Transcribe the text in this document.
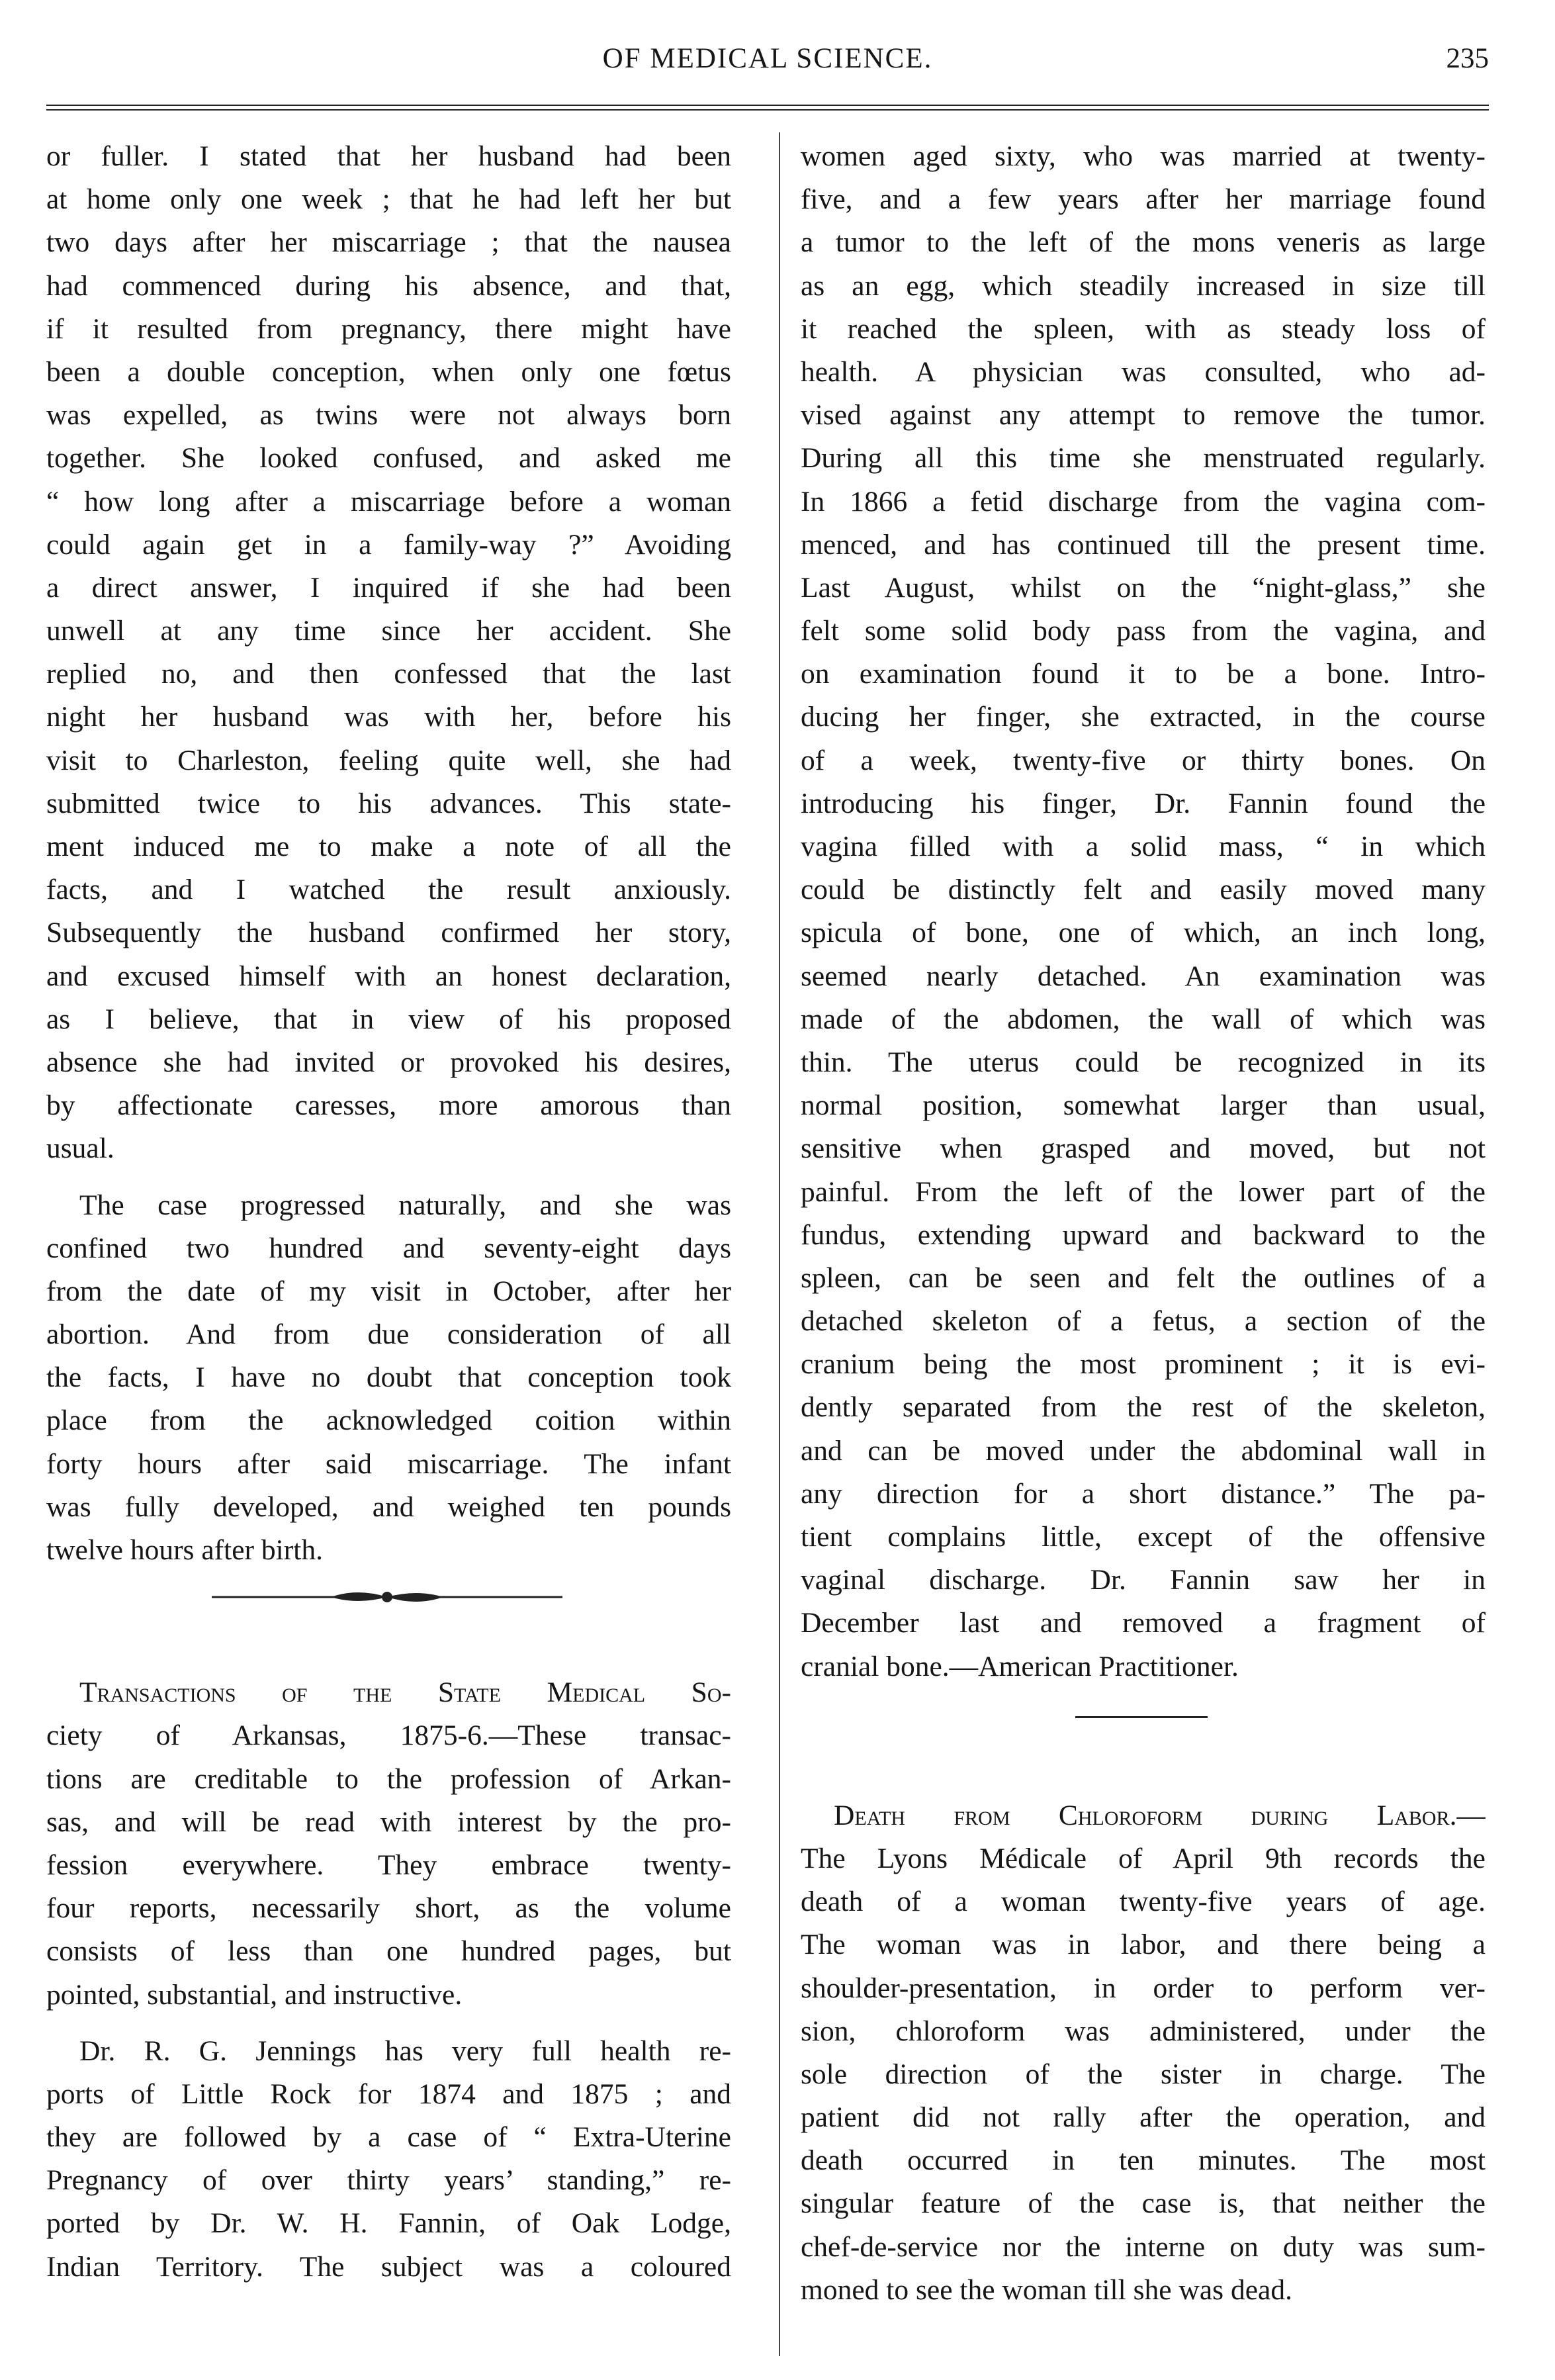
OF MEDICAL SCIENCE.	235
or fuller. I stated that her husband had been
at home only one week ; that he had left her but
two days after her miscarriage ; that the nausea
had commenced during his absence, and that,
if it resulted from pregnancy, there might have
been a double conception, when only one fœtus
was expelled, as twins were not always born
together. She looked confused, and asked me
“ how long after a miscarriage before a woman
could again get in a family-way ?” Avoiding
a direct answer, I inquired if she had been
unwell at any time since her accident. She
replied no, and then confessed that the last
night her husband was with her, before his
visit to Charleston, feeling quite well, she had
submitted twice to his advances. This state-
ment induced me to make a note of all the
facts, and I watched the result anxiously.
Subsequently the husband confirmed her story,
and excused himself with an honest declaration,
as I believe, that in view of his proposed
absence she had invited or provoked his desires,
by affectionate caresses, more amorous than
usual.
The case progressed naturally, and she was
confined two hundred and seventy-eight days
from the date of my visit in October, after her
abortion. And from due consideration of all
the facts, I have no doubt that conception took
place from the acknowledged coition within
forty hours after said miscarriage. The infant
was fully developed, and weighed ten pounds
twelve hours after birth.
Transactions of the State Medical So-
ciety of Arkansas, 1875-6.—These transac-
tions are creditable to the profession of Arkan-
sas, and will be read with interest by the pro-
fession everywhere. They embrace twenty-
four reports, necessarily short, as the volume
consists of less than one hundred pages, but
pointed, substantial, and instructive.
Dr. R. G. Jennings has very full health re-
ports of Little Rock for 1874 and 1875 ; and
they are followed by a case of “ Extra-Uterine
Pregnancy of over thirty years’ standing,” re-
ported by Dr. W. H. Fannin, of Oak Lodge,
Indian Territory. The subject was a coloured
women aged sixty, who was married at twenty-
five, and a few years after her marriage found
a tumor to the left of the mons veneris as large
as an egg, which steadily increased in size till
it reached the spleen, with as steady loss of
health. A physician was consulted, who ad-
vised against any attempt to remove the tumor.
During all this time she menstruated regularly.
In 1866 a fetid discharge from the vagina com-
menced, and has continued till the present time.
Last August, whilst on the “night-glass,” she
felt some solid body pass from the vagina, and
on examination found it to be a bone. Intro-
ducing her finger, she extracted, in the course
of a week, twenty-five or thirty bones. On
introducing his finger, Dr. Fannin found the
vagina filled with a solid mass, “ in which
could be distinctly felt and easily moved many
spicula of bone, one of which, an inch long,
seemed nearly detached. An examination was
made of the abdomen, the wall of which was
thin. The uterus could be recognized in its
normal position, somewhat larger than usual,
sensitive when grasped and moved, but not
painful. From the left of the lower part of the
fundus, extending upward and backward to the
spleen, can be seen and felt the outlines of a
detached skeleton of a fetus, a section of the
cranium being the most prominent ; it is evi-
dently separated from the rest of the skeleton,
and can be moved under the abdominal wall in
any direction for a short distance.” The pa-
tient complains little, except of the offensive
vaginal discharge. Dr. Fannin saw her in
December last and removed a fragment of
cranial bone.—American Practitioner.
Death from Chloroform during Labor.—
The Lyons Médicale of April 9th records the
death of a woman twenty-five years of age.
The woman was in labor, and there being a
shoulder-presentation, in order to perform ver-
sion, chloroform was administered, under the
sole direction of the sister in charge. The
patient did not rally after the operation, and
death occurred in ten minutes. The most
singular feature of the case is, that neither the
chef-de-service nor the interne on duty was sum-
moned to see the woman till she was dead.
